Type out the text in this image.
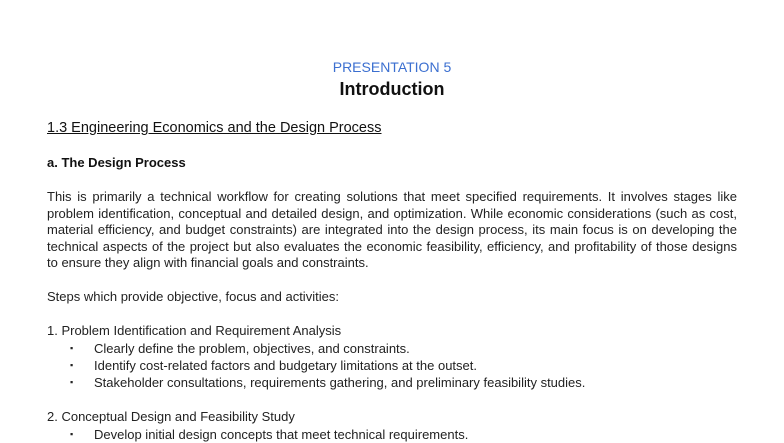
PRESENTATION 5
Introduction
1.3 Engineering Economics and the Design Process
a. The Design Process
This is primarily a technical workflow for creating solutions that meet specified requirements. It involves stages like problem identification, conceptual and detailed design, and optimization. While economic considerations (such as cost, material efficiency, and budget constraints) are integrated into the design process, its main focus is on developing the technical aspects of the project but also evaluates the economic feasibility, efficiency, and profitability of those designs to ensure they align with financial goals and constraints.
Steps which provide objective, focus and activities:
1. Problem Identification and Requirement Analysis
▪ Clearly define the problem, objectives, and constraints.
▪ Identify cost-related factors and budgetary limitations at the outset.
▪ Stakeholder consultations, requirements gathering, and preliminary feasibility studies.
2. Conceptual Design and Feasibility Study
▪ Develop initial design concepts that meet technical requirements.
